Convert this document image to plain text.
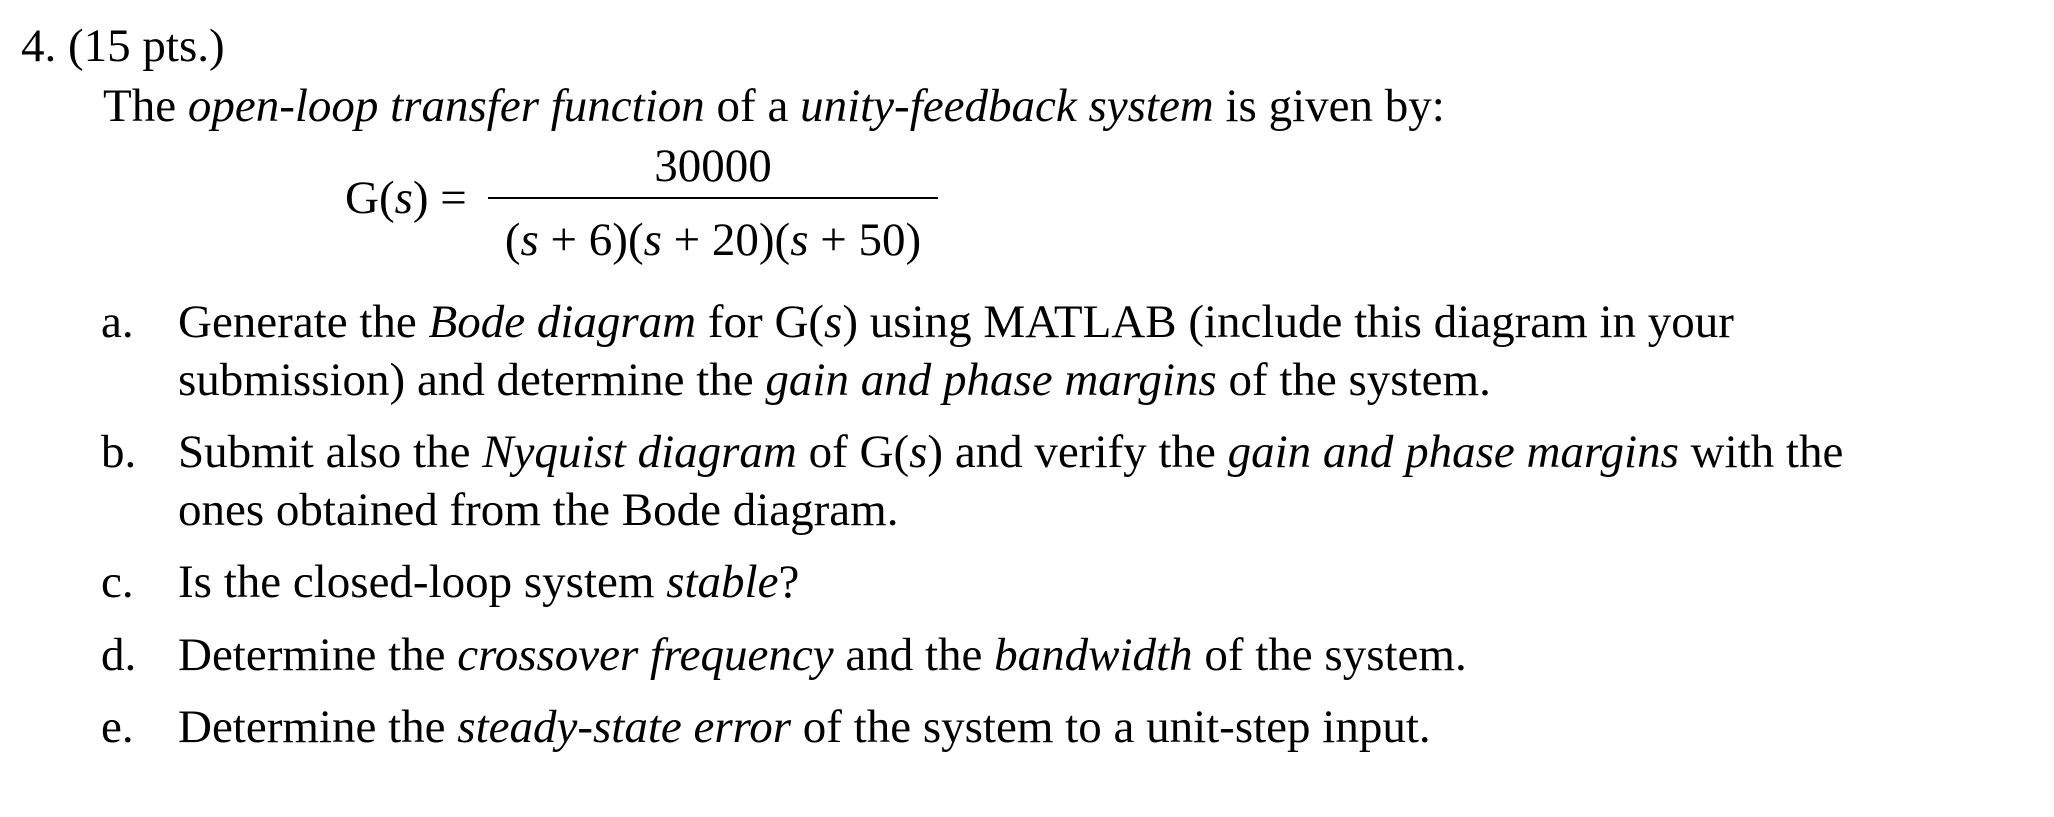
4. (15 pts.)
The open-loop transfer function of a unity-feedback system is given by:
G(s) =
30000
(s + 6)(s + 20)(s + 50)
a. Generate the Bode diagram for G(s) using MATLAB (include this diagram in your
submission) and determine the gain and phase margins of the system.
b. Submit also the Nyquist diagram of G(s) and verify the gain and phase margins with the
ones obtained from the Bode diagram.
c. Is the closed-loop system stable?
d. Determine the crossover frequency and the bandwidth of the system.
e. Determine the steady-state error of the system to a unit-step input.
